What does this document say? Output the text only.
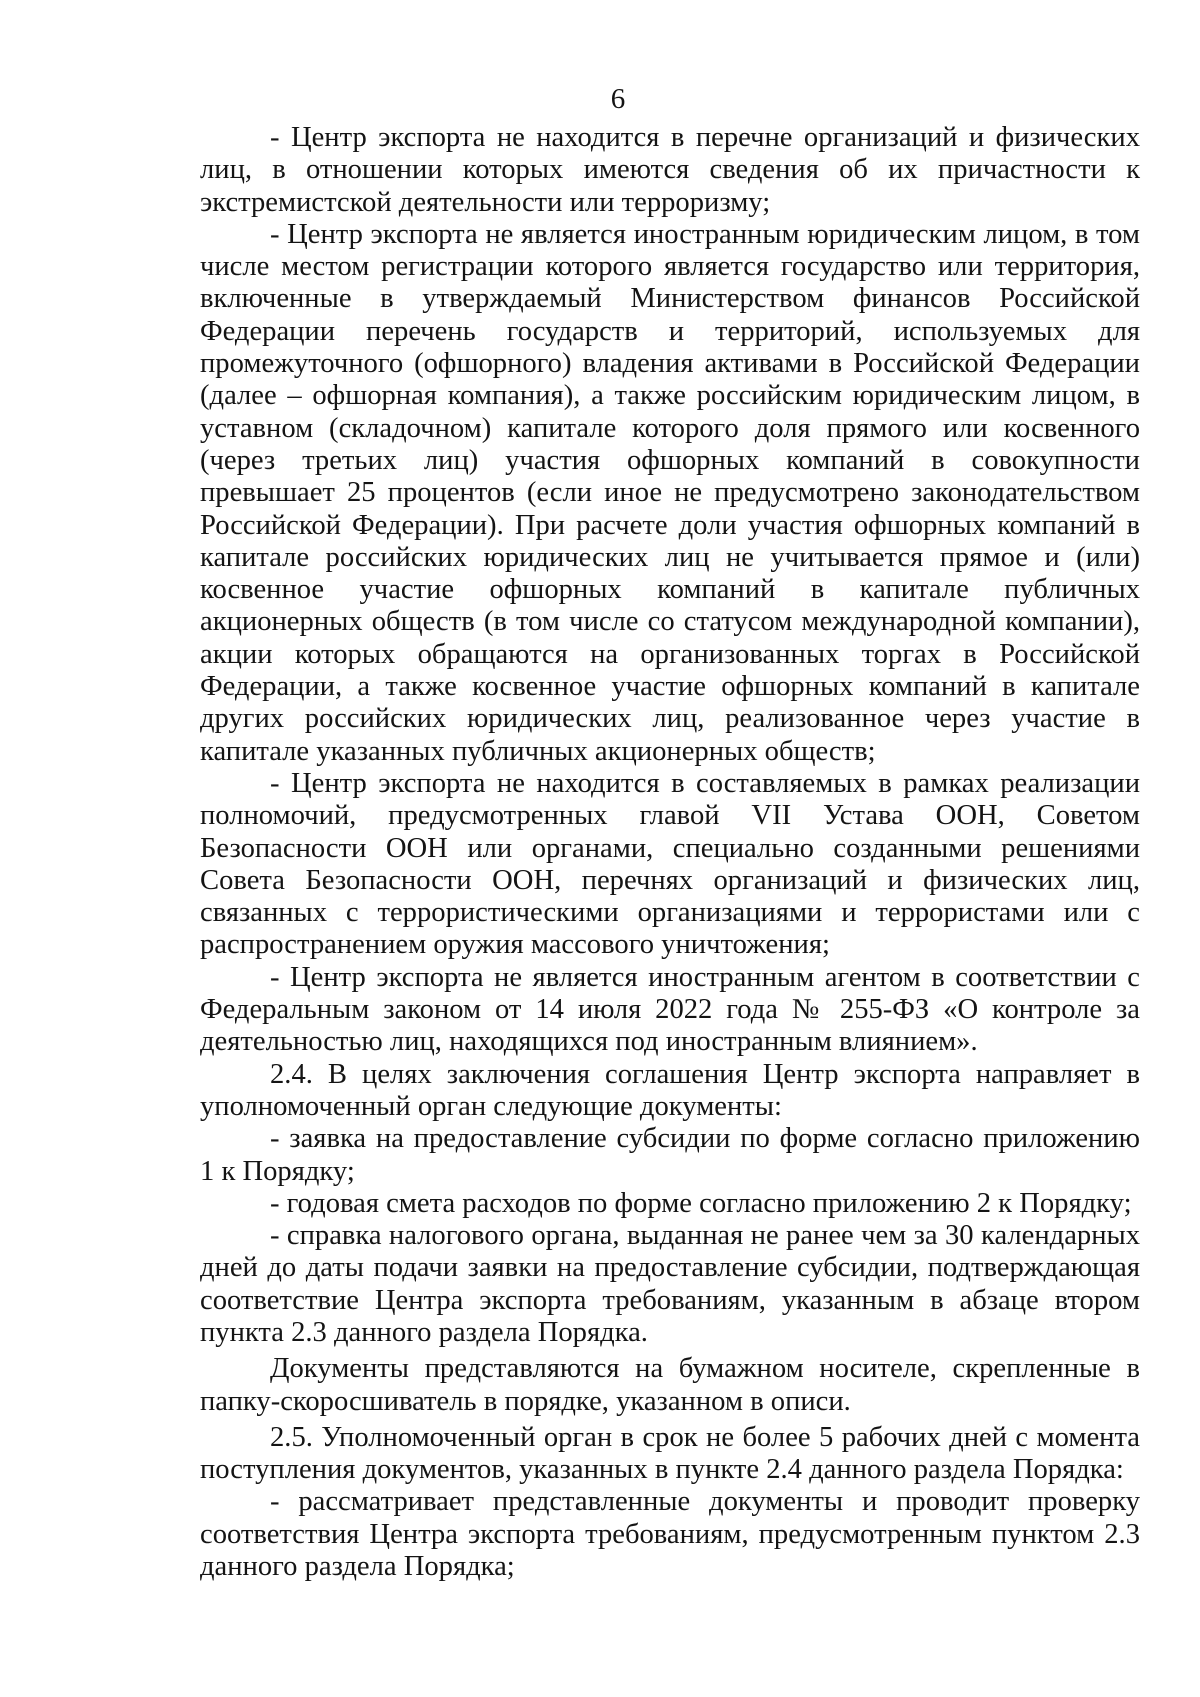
6

- Центр экспорта не находится в перечне организаций и физических лиц, в отношении которых имеются сведения об их причастности к экстремистской деятельности или терроризму;

- Центр экспорта не является иностранным юридическим лицом, в том числе местом регистрации которого является государство или территория, включенные в утверждаемый Министерством финансов Российской Федерации перечень государств и территорий, используемых для промежуточного (офшорного) владения активами в Российской Федерации (далее – офшорная компания), а также российским юридическим лицом, в уставном (складочном) капитале которого доля прямого или косвенного (через третьих лиц) участия офшорных компаний в совокупности превышает 25 процентов (если иное не предусмотрено законодательством Российской Федерации). При расчете доли участия офшорных компаний в капитале российских юридических лиц не учитывается прямое и (или) косвенное участие офшорных компаний в капитале публичных акционерных обществ (в том числе со статусом международной компании), акции которых обращаются на организованных торгах в Российской Федерации, а также косвенное участие офшорных компаний в капитале других российских юридических лиц, реализованное через участие в капитале указанных публичных акционерных обществ;

- Центр экспорта не находится в составляемых в рамках реализации полномочий, предусмотренных главой VII Устава ООН, Советом Безопасности ООН или органами, специально созданными решениями Совета Безопасности ООН, перечнях организаций и физических лиц, связанных с террористическими организациями и террористами или с распространением оружия массового уничтожения;

- Центр экспорта не является иностранным агентом в соответствии с Федеральным законом от 14 июля 2022 года № 255-ФЗ «О контроле за деятельностью лиц, находящихся под иностранным влиянием».

2.4. В целях заключения соглашения Центр экспорта направляет в уполномоченный орган следующие документы:

- заявка на предоставление субсидии по форме согласно приложению 1 к Порядку;

- годовая смета расходов по форме согласно приложению 2 к Порядку;

- справка налогового органа, выданная не ранее чем за 30 календарных дней до даты подачи заявки на предоставление субсидии, подтверждающая соответствие Центра экспорта требованиям, указанным в абзаце втором пункта 2.3 данного раздела Порядка.

Документы представляются на бумажном носителе, скрепленные в папку-скоросшиватель в порядке, указанном в описи.

2.5. Уполномоченный орган в срок не более 5 рабочих дней с момента поступления документов, указанных в пункте 2.4 данного раздела Порядка:

- рассматривает представленные документы и проводит проверку соответствия Центра экспорта требованиям, предусмотренным пунктом 2.3 данного раздела Порядка;
